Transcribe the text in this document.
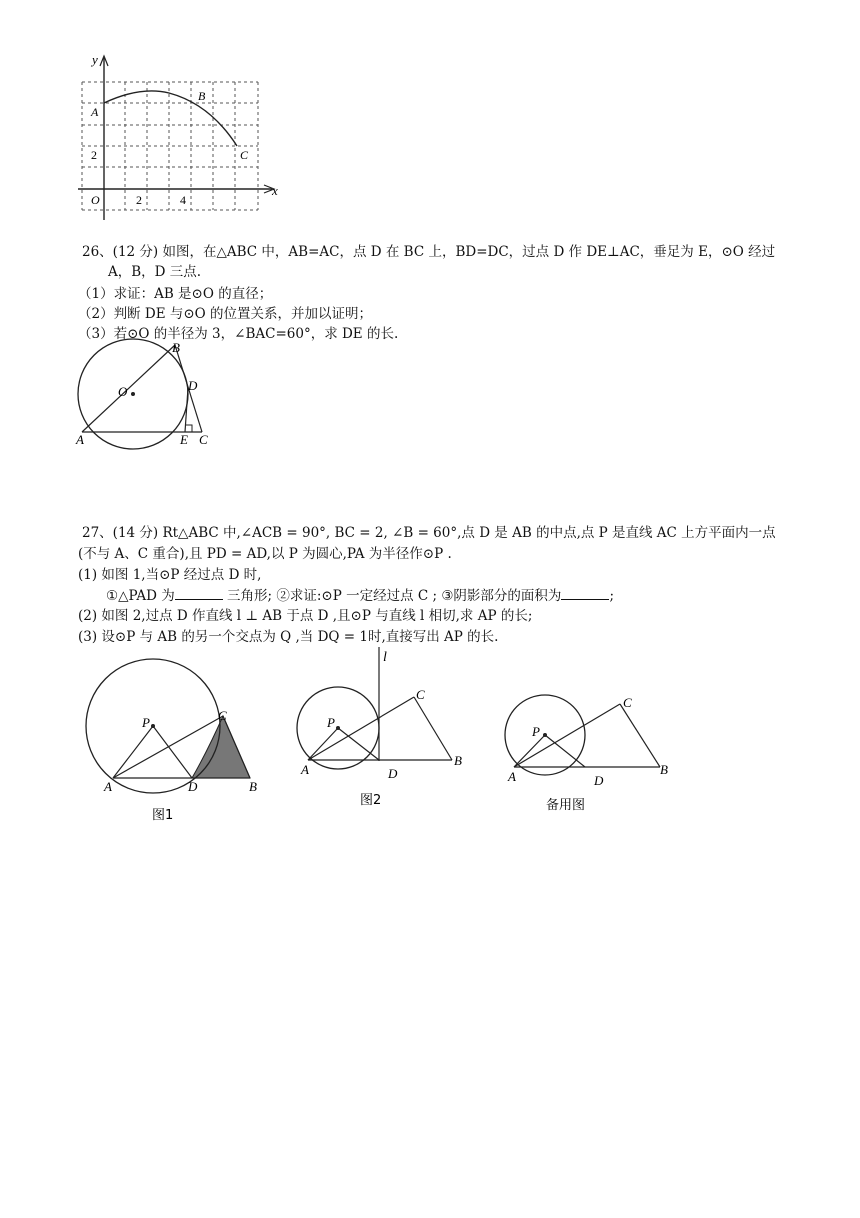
y
x
O
2
2	4
A
B
C
26、(12 分) 如图，在△ABC 中，AB=AC，点 D 在 BC 上，BD=DC，过点 D 作 DE⊥AC，垂足为 E，⊙O 经过
A，B，D 三点.
（1）求证：AB 是⊙O 的直径；
（2）判断 DE 与⊙O 的位置关系，并加以证明；
（3）若⊙O 的半径为 3，∠BAC=60°，求 DE 的长.
O
B
D
A	E C
27、(14 分) Rt△ABC 中,∠ACB = 90°, BC = 2, ∠B = 60°,点 D 是 AB 的中点,点 P 是直线 AC 上方平面内一点
(不与 A、C 重合),且 PD = AD,以 P 为圆心,PA 为半径作⊙P .
(1) 如图 1,当⊙P 经过点 D 时,
①△PAD 为	三角形; ②求证:⊙P 一定经过点 C ; ③阴影部分的面积为	;
(2) 如图 2,过点 D 作直线 l ⊥ AB 于点 D ,且⊙P 与直线 l 相切,求 AP 的长;
(3) 设⊙P 与 AB 的另一个交点为 Q ,当 DQ = 1时,直接写出 AP 的长.
P	C
A	D	B
图1
l
P
C
A	D
B
图2
P
C
A	D
B
备用图
